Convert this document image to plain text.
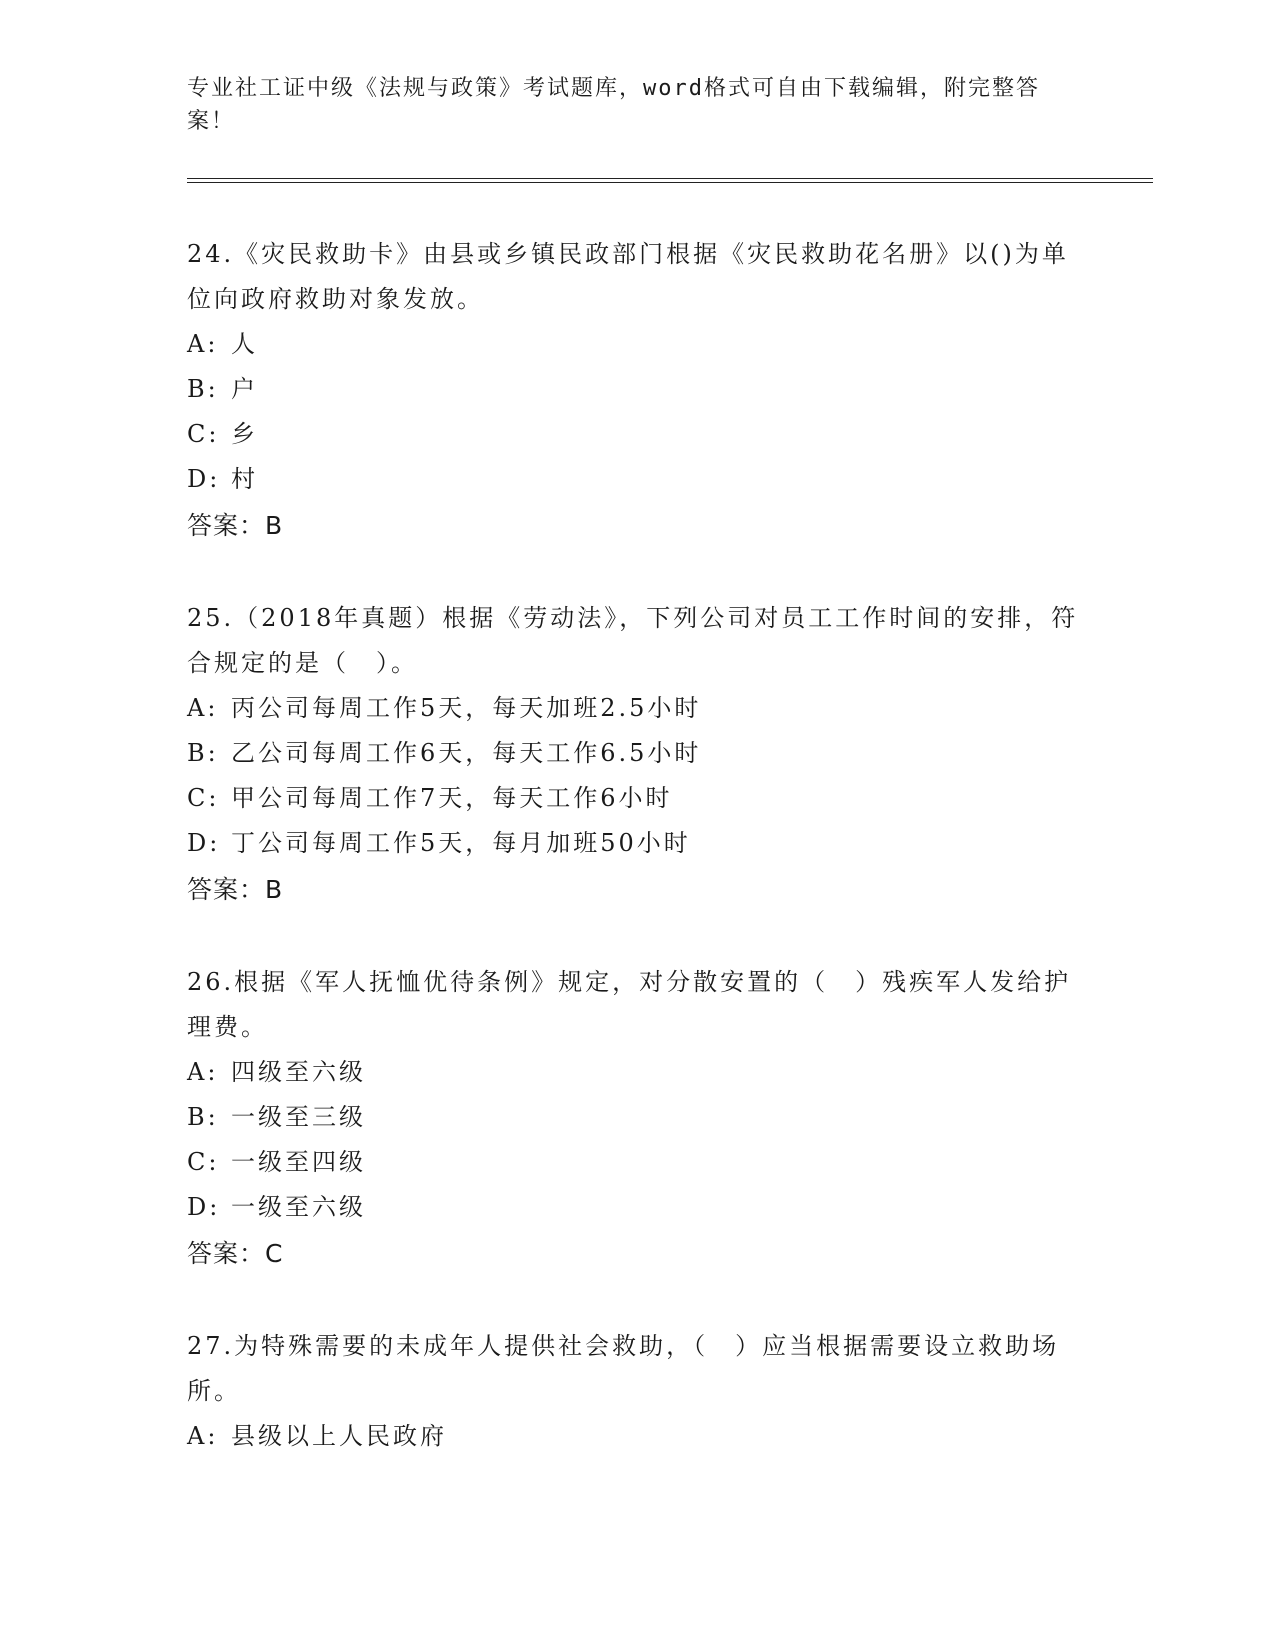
专业社工证中级《法规与政策》考试题库，word格式可自由下载编辑，附完整答案！

24.《灾民救助卡》由县或乡镇民政部门根据《灾民救助花名册》以()为单位向政府救助对象发放。

A: 人

B: 户

C: 乡

D: 村

答案：B

25.（2018年真题）根据《劳动法》，下列公司对员工工作时间的安排，符合规定的是（　）。

A: 丙公司每周工作5天，每天加班2.5小时

B: 乙公司每周工作6天，每天工作6.5小时

C: 甲公司每周工作7天，每天工作6小时

D: 丁公司每周工作5天，每月加班50小时

答案：B

26.根据《军人抚恤优待条例》规定，对分散安置的（　）残疾军人发给护理费。

A: 四级至六级

B: 一级至三级

C: 一级至四级

D: 一级至六级

答案：C

27.为特殊需要的未成年人提供社会救助，（　）应当根据需要设立救助场所。

A: 县级以上人民政府
